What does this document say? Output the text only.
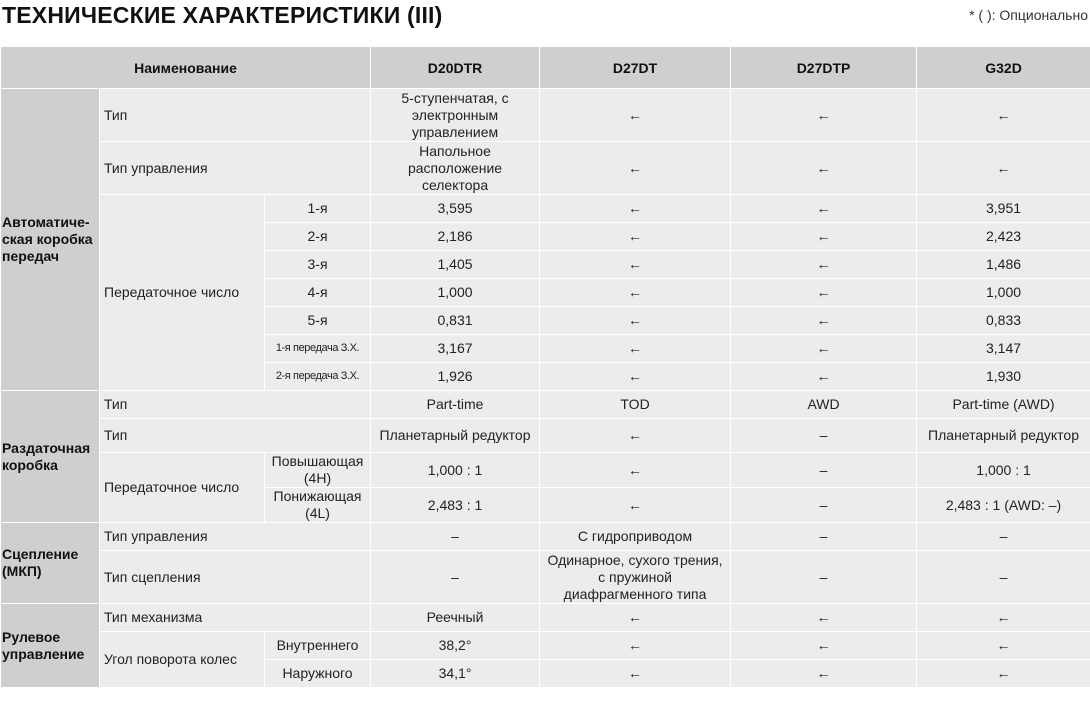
ТЕХНИЧЕСКИЕ ХАРАКТЕРИСТИКИ (III)	* ( ): Опционально
Наименование			D20DTR	D27DT	D27DTP	G32D
Автоматиче-ская коробка передач	Тип		5-ступенчатая, с электронным управлением	←	←	←
	Тип управления		Напольное расположение селектора	←	←	←
	Передаточное число	1-я	3,595	←	←	3,951
		2-я	2,186	←	←	2,423
		3-я	1,405	←	←	1,486
		4-я	1,000	←	←	1,000
		5-я	0,831	←	←	0,833
		1-я передача З.Х.	3,167	←	←	3,147
		2-я передача З.Х.	1,926	←	←	1,930
Раздаточная коробка	Тип		Part-time	TOD	AWD	Part-time (AWD)
	Тип		Планетарный редуктор	←	–	Планетарный редуктор
	Передаточное число	Повышающая (4H)	1,000 : 1	←	–	1,000 : 1
		Понижающая (4L)	2,483 : 1	←	–	2,483 : 1 (AWD: –)
Сцепление (МКП)	Тип управления		–	С гидроприводом	–	–
	Тип сцепления		–	Одинарное, сухого трения, с пружиной диафрагменного типа	–	–
Рулевое управление	Тип механизма		Реечный	←	←	←
	Угол поворота колес	Внутреннего	38,2°	←	←	←
		Наружного	34,1°	←	←	←
